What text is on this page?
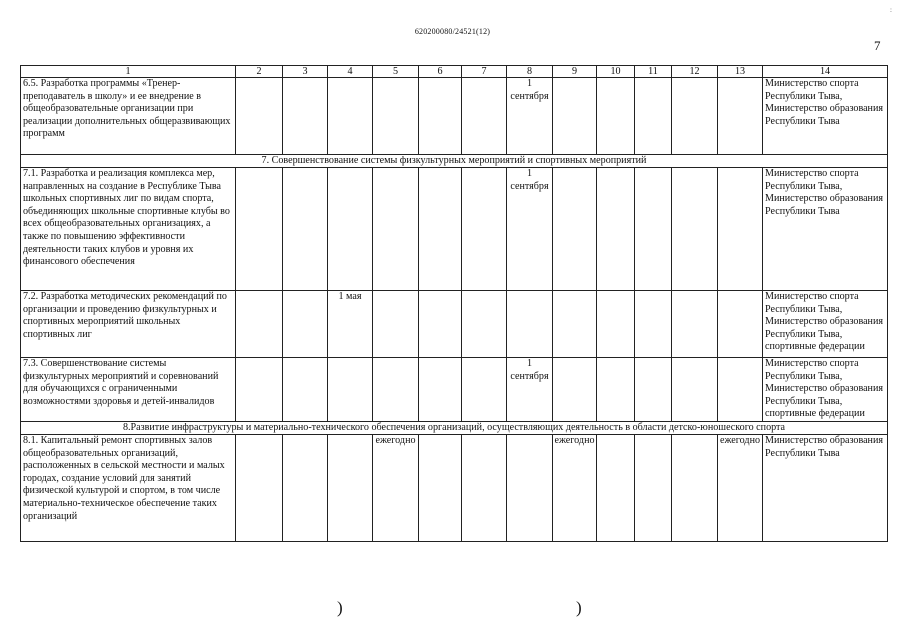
:
620200080/24521(12)
7
1	2	3	4	5	6	7	8	9	10	11	12	13	14
6.5. Разработка программы «Тренер-преподаватель в школу» и ее внедрение в общеобразовательные организации при реализации дополнительных общеразвивающих программ							1 сентября						Министерство спорта Республики Тыва, Министерство образования Республики Тыва
7. Совершенствование системы физкультурных мероприятий и спортивных мероприятий													
7.1. Разработка и реализация комплекса мер, направленных на создание в Республике Тыва школьных спортивных лиг по видам спорта, объединяющих школьные спортивные клубы во всех общеобразовательных организациях, а также по повышению эффективности деятельности таких клубов и уровня их финансового обеспечения							1 сентября						Министерство спорта Республики Тыва, Министерство образования Республики Тыва
7.2. Разработка методических рекомендаций по организации и проведению физкультурных и спортивных мероприятий школьных спортивных лиг			1 мая										Министерство спорта Республики Тыва, Министерство образования Республики Тыва, спортивные федерации
7.3. Совершенствование системы физкультурных мероприятий и соревнований для обучающихся с ограниченными возможностями здоровья и детей-инвалидов							1 сентября						Министерство спорта Республики Тыва, Министерство образования Республики Тыва, спортивные федерации
8.Развитие инфраструктуры и материально-технического обеспечения организаций, осуществляющих деятельность в области детско-юношеского спорта													
8.1. Капитальный ремонт спортивных залов общеобразовательных организаций, расположенных в сельской местности и малых городах, создание условий для занятий физической культурой и спортом, в том числе материально-техническое обеспечение таких организаций				ежегодно				ежегодно				ежегодно	Министерство образования Республики Тыва
)	)
